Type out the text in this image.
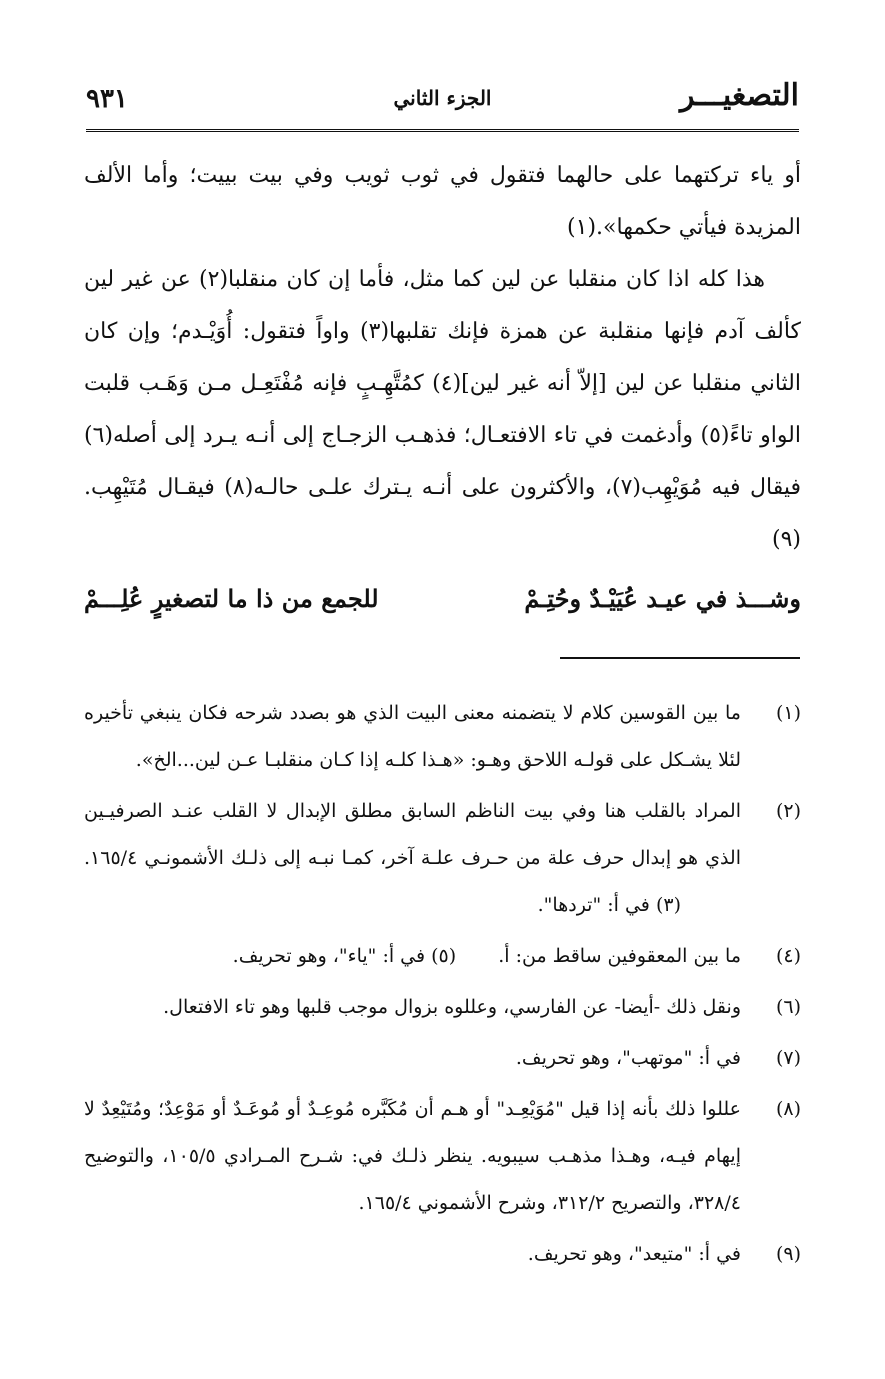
التصغيـــر
الجزء الثاني
٩٣١

أو ياء تركتهما على حالهما فتقول في ثوب ثويب وفي بيت بييت؛ وأما الألف المزيدة فيأتي حكمها».(١)

هذا كله اذا كان منقلبا عن لين كما مثل، فأما إن كان منقلبا(٢) عن غير لين كألف آدم فإنها منقلبة عن همزة فإنك تقلبها(٣) واواً فتقول: أُوَيْـدم؛ وإن كان الثاني منقلبا عن لين [إلاّ أنه غير لين](٤) كمُتَّهِـبٍ فإنه مُفْتَعِـل مـن وَهَـب قلبت الواو تاءً(٥) وأدغمت في تاء الافتعـال؛ فذهـب الزجـاج إلى أنـه يـرد إلى أصله(٦) فيقال فيه مُوَيْهِب(٧)، والأكثرون على أنـه يـترك علـى حالـه(٨) فيقـال مُتَيْهِب.(٩)

وشـــذ في عيـد عُيَيْـدٌ وحُتِـمْ
للجمع من ذا ما لتصغيرٍ عُلِـــمْ

(١)
ما بين القوسين كلام لا يتضمنه معنى البيت الذي هو بصدد شرحه فكان ينبغي تأخيره لئلا يشـكل على قولـه اللاحق وهـو: «هـذا كلـه إذا كـان منقلبـا عـن لين...الخ».

(٢)
المراد بالقلب هنا وفي بيت الناظم السابق مطلق الإبدال لا القلب عنـد الصرفيـين الذي هو إبدال حرف علة من حـرف علـة آخر، كمـا نبـه إلى ذلـك الأشمونـي ١٦٥/٤. (٣) في أ: "تردها".

(٤)
ما بين المعقوفين ساقط من: أ. (٥) في أ: "ياء"، وهو تحريف.

(٦)
ونقل ذلك -أيضا- عن الفارسي، وعللوه بزوال موجب قلبها وهو تاء الافتعال.

(٧)
في أ: "موتهب"، وهو تحريف.

(٨)
عللوا ذلك بأنه إذا قيل "مُوَيْعِـد" أو هـم أن مُكَبَّره مُوعِـدٌ أو مُوعَـدٌ أو مَوْعِدٌ؛ ومُتَيْعِدٌ لا إيهام فيـه، وهـذا مذهـب سيبويه. ينظر ذلـك في: شـرح المـرادي ١٠٥/٥، والتوضيح ٣٢٨/٤، والتصريح ٣١٢/٢، وشرح الأشموني ١٦٥/٤.

(٩)
في أ: "متيعد"، وهو تحريف.
